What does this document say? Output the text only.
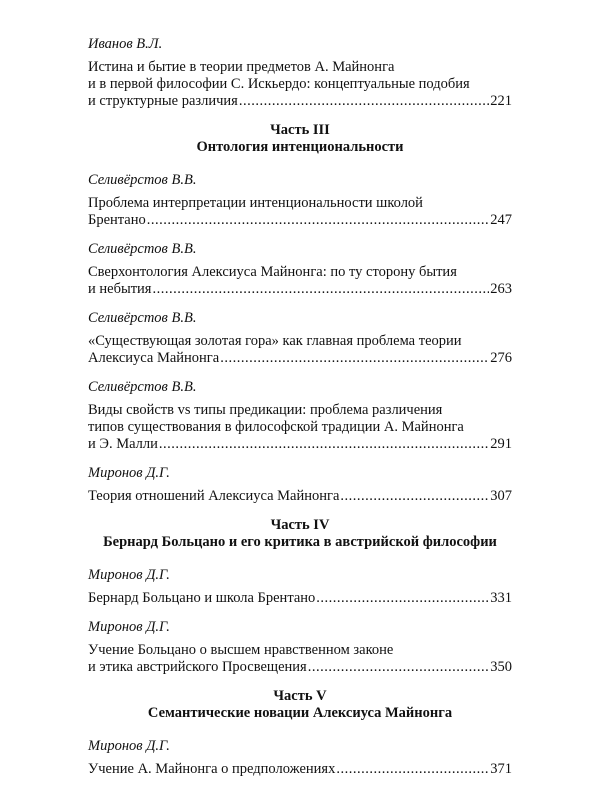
Иванов В.Л.
Истина и бытие в теории предметов А. Майнонга
и в первой философии С. Искьердо: концептуальные подобия
и структурные различия .....	221
Часть III
Онтология интенциональности
Селивёрстов В.В.
Проблема интерпретации интенциональности школой
Брентано .....	247
Селивёрстов В.В.
Сверхонтология Алексиуса Майнонга: по ту сторону бытия
и небытия .....	263
Селивёрстов В.В.
«Существующая золотая гора» как главная проблема теории
Алексиуса Майнонга .....	276
Селивёрстов В.В.
Виды свойств vs типы предикации: проблема различения
типов существования в философской традиции А. Майнонга
и Э. Малли .....	291
Миронов Д.Г.
Теория отношений Алексиуса Майнонга .....	307
Часть IV
Бернард Больцано и его критика в австрийской философии
Миронов Д.Г.
Бернард Больцано и школа Брентано .....	331
Миронов Д.Г.
Учение Больцано о высшем нравственном законе
и этика австрийского Просвещения .....	350
Часть V
Семантические новации Алексиуса Майнонга
Миронов Д.Г.
Учение А. Майнонга о предположениях .....	371
